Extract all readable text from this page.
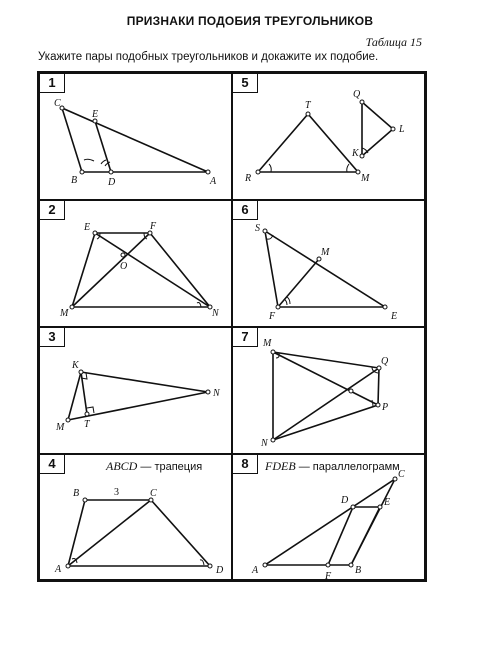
ПРИЗНАКИ ПОДОБИЯ ТРЕУГОЛЬНИКОВ
Таблица 15
Укажите пары подобных треугольников и докажите их подобие.
1
C
E
B	D	A
5
T
Q
L
K
R	M
2
E	F
O
M	N
6
S
M
F	E
3
K
N
M T
7	M
Q
P
N
4	ABCD — трапеция
B	3	C
A	D
8	FDEB — параллелограмм
C
D	E
A
F
B
